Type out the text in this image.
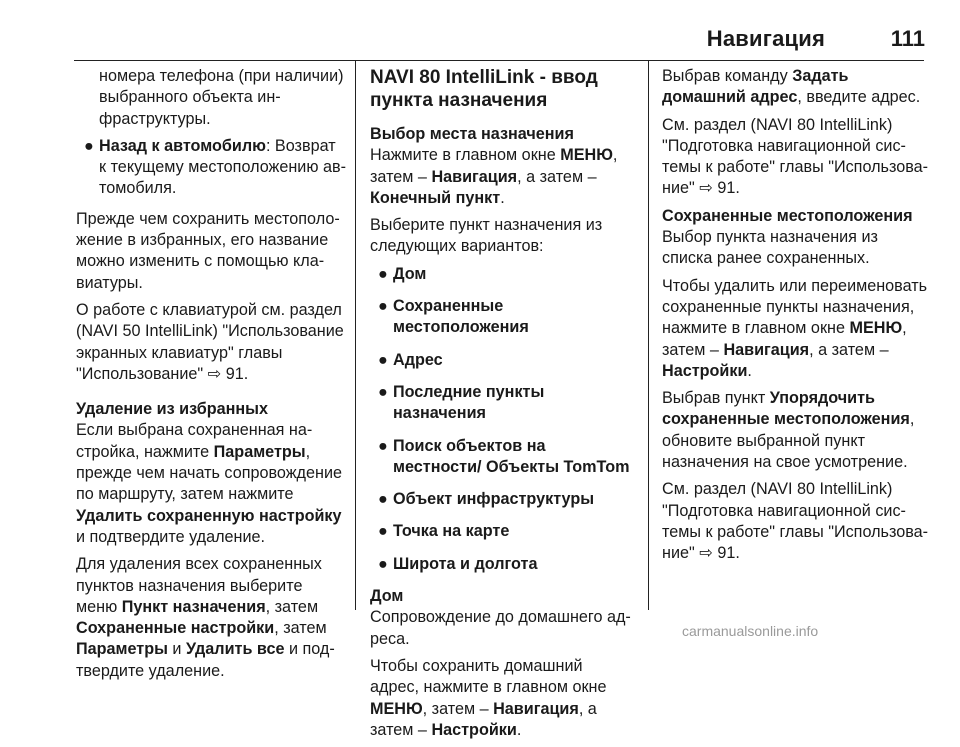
Навигация	111

номера телефона (при наличии) выбранного объекта инфраструктуры.

● Назад к автомобилю: Возврат к текущему местоположению автомобиля.

Прежде чем сохранить местоположение в избранных, его название можно изменить с помощью клавиатуры.

О работе с клавиатурой см. раздел (NAVI 50 IntelliLink) "Использование экранных клавиатур" главы "Использование" ⇨ 91.

Удаление из избранных

Если выбрана сохраненная настройка, нажмите Параметры, прежде чем начать сопровождение по маршруту, затем нажмите Удалить сохраненную настройку и подтвердите удаление.

Для удаления всех сохраненных пунктов назначения выберите меню Пункт назначения, затем Сохраненные настройки, затем Параметры и Удалить все и подтвердите удаление.

NAVI 80 IntelliLink - ввод пункта назначения

Выбор места назначения

Нажмите в главном окне МЕНЮ, затем – Навигация, а затем – Конечный пункт.

Выберите пункт назначения из следующих вариантов:

● Дом
● Сохраненные местоположения
● Адрес
● Последние пункты назначения
● Поиск объектов на местности/ Объекты TomTom
● Объект инфраструктуры
● Точка на карте
● Широта и долгота

Дом

Сопровождение до домашнего адреса.

Чтобы сохранить домашний адрес, нажмите в главном окне МЕНЮ, затем – Навигация, а затем – Настройки.

Выбрав команду Задать домашний адрес, введите адрес.

См. раздел (NAVI 80 IntelliLink) "Подготовка навигационной системы к работе" главы "Использование" ⇨ 91.

Сохраненные местоположения

Выбор пункта назначения из списка ранее сохраненных.

Чтобы удалить или переименовать сохраненные пункты назначения, нажмите в главном окне МЕНЮ, затем – Навигация, а затем – Настройки.

Выбрав пункт Упорядочить сохраненные местоположения, обновите выбранной пункт назначения на свое усмотрение.

См. раздел (NAVI 80 IntelliLink) "Подготовка навигационной системы к работе" главы "Использование" ⇨ 91.

carmanualsonline.info
